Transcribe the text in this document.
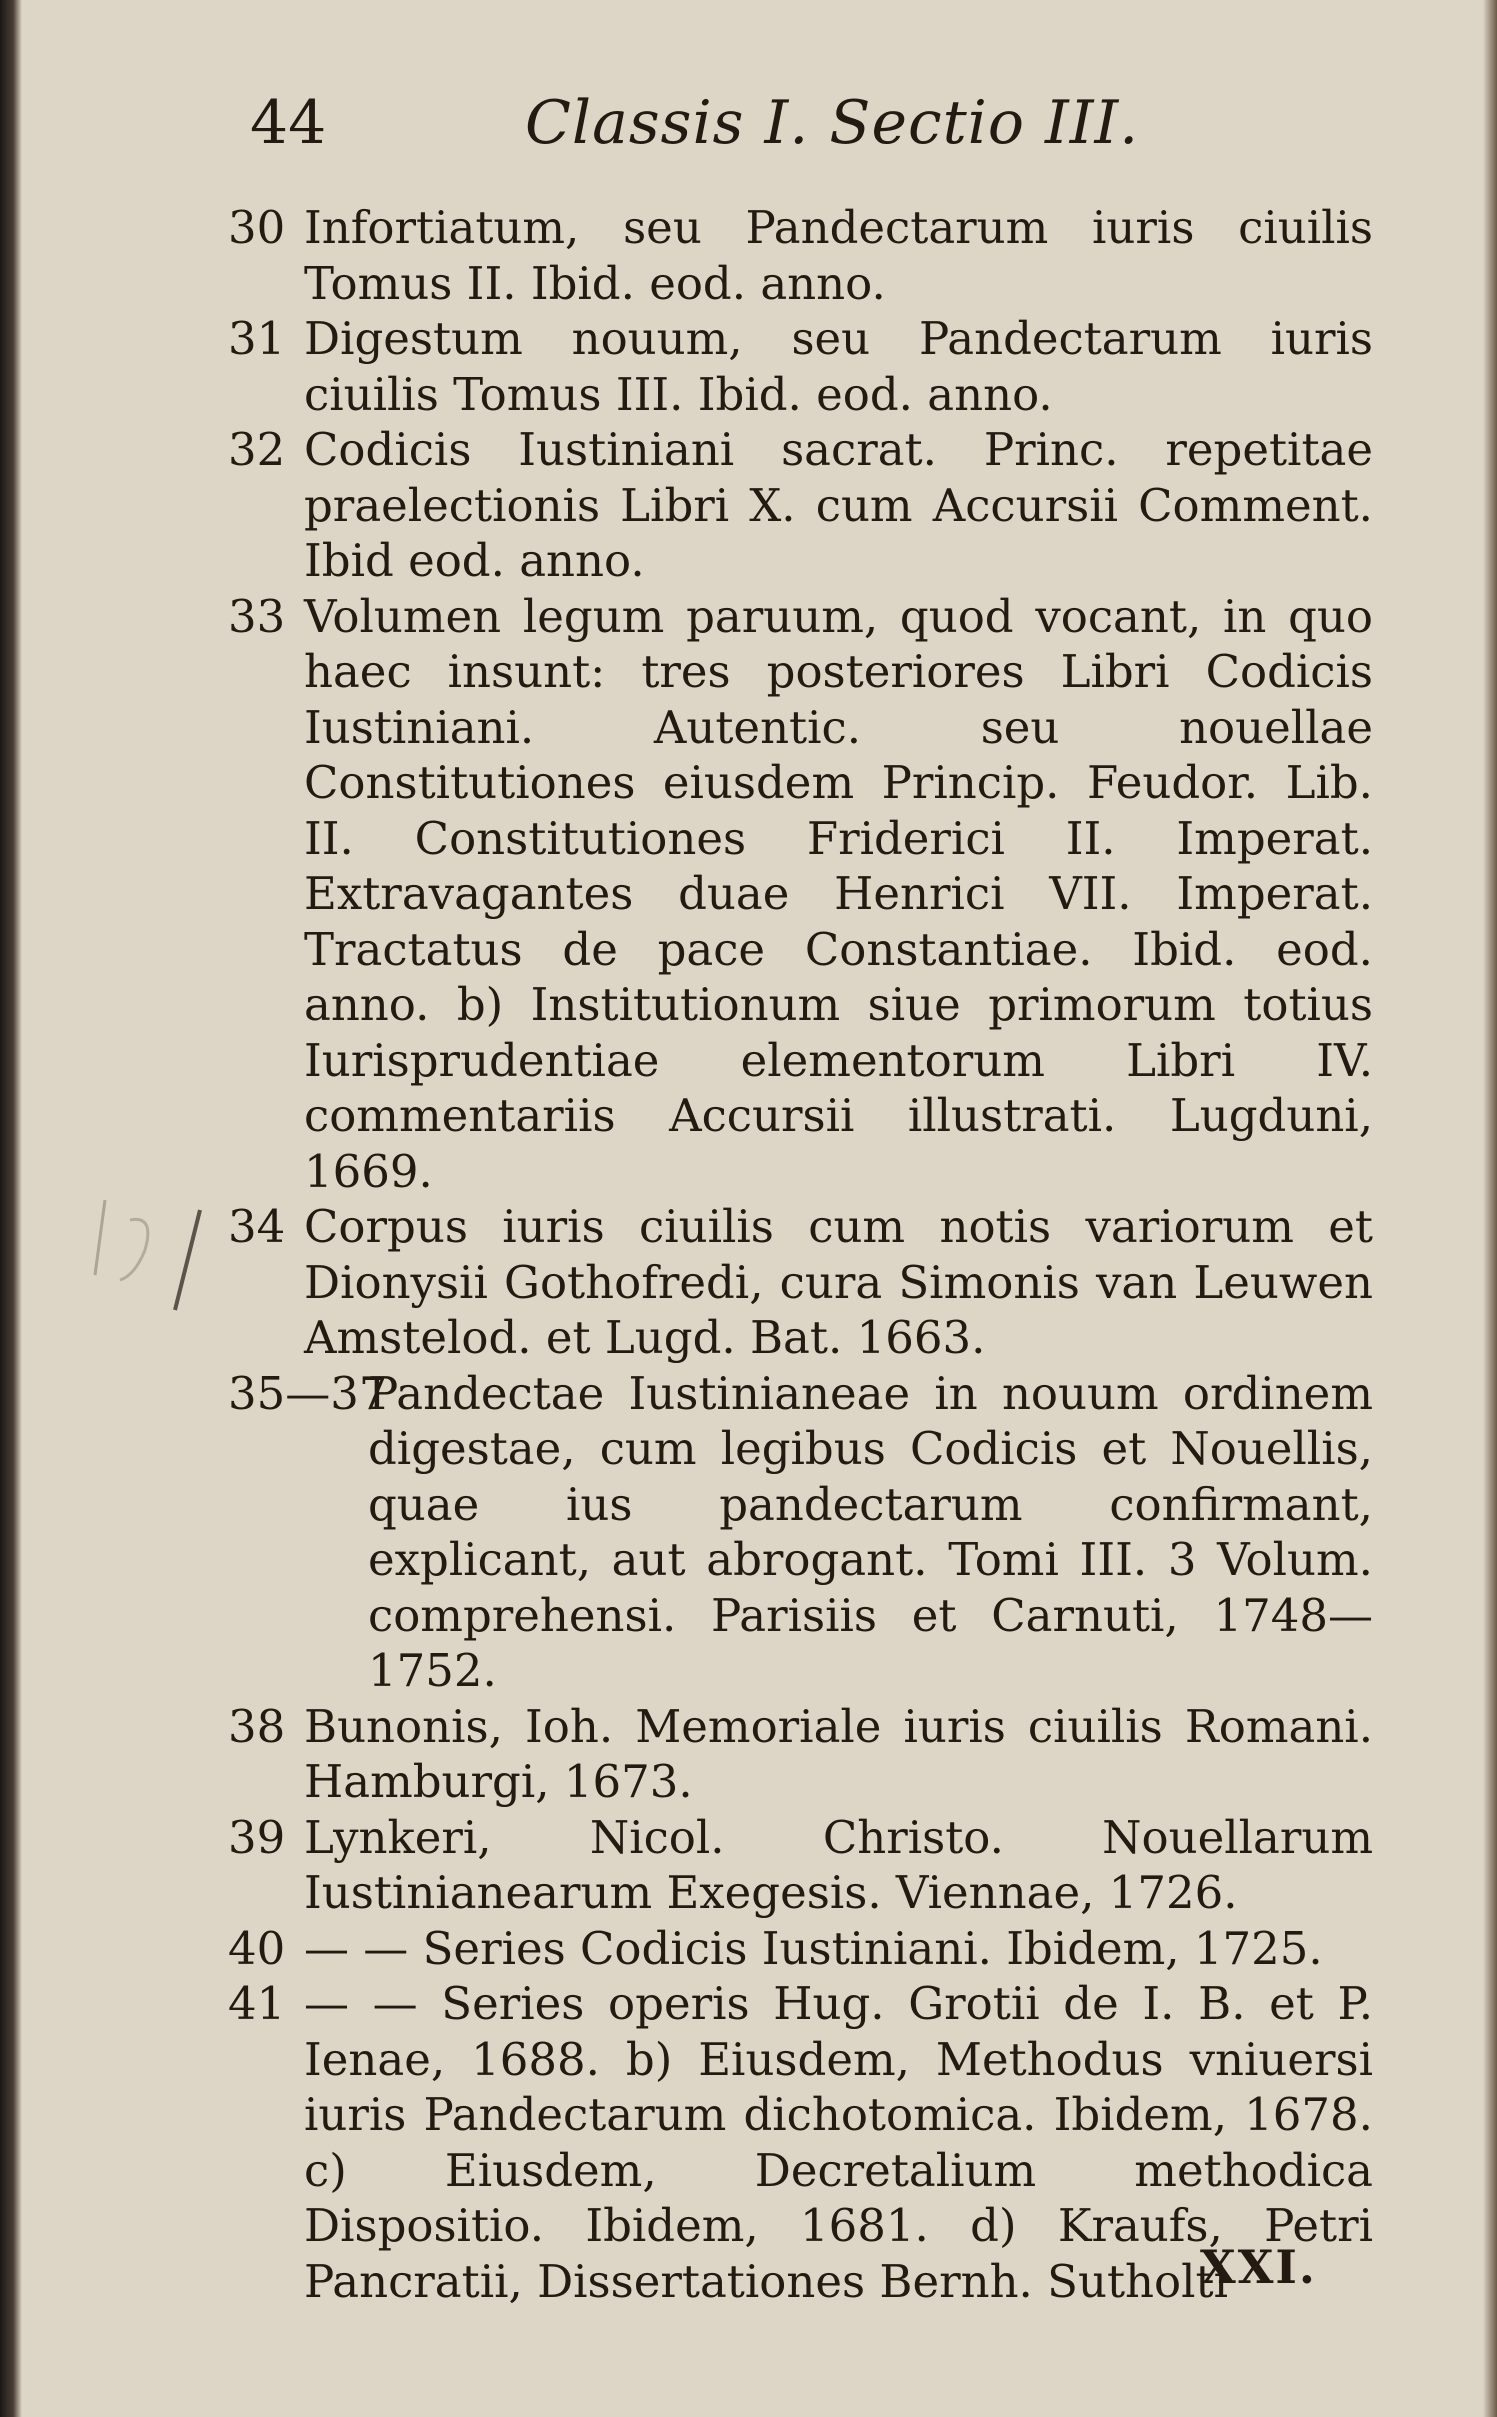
44	Classis I. Sectio III.
30 Infortiatum, seu Pandectarum iuris ciuilis Tomus II. Ibid. eod. anno.
31 Digestum nouum, seu Pandectarum iuris ciuilis Tomus III. Ibid. eod. anno.
32 Codicis Iustiniani sacrat. Princ. repetitae praelectionis Libri X. cum Accursii Comment. Ibid eod. anno.
33 Volumen legum paruum, quod vocant, in quo haec insunt: tres posteriores Libri Codicis Iustiniani. Autentic. seu nouellae Constitutiones eiusdem Princip. Feudor. Lib. II. Constitutiones Friderici II. Imperat. Extravagantes duae Henrici VII. Imperat. Tractatus de pace Constantiae. Ibid. eod. anno. b) Institutionum siue primorum totius Iurisprudentiae elementorum Libri IV. commentariis Accursii illustrati. Lugduni, 1669.
34 Corpus iuris ciuilis cum notis variorum et Dionysii Gothofredi, cura Simonis van Leuwen Amstelod. et Lugd. Bat. 1663.
35—37
Pandectae Iustinianeae in nouum ordinem digestae, cum legibus Codicis et Nouellis, quae ius pandectarum confirmant, explicant, aut abrogant. Tomi III. 3 Volum. comprehensi. Parisiis et Carnuti, 1748—1752.
38 Bunonis, Ioh. Memoriale iuris ciuilis Romani. Hamburgi, 1673.
39 Lynkeri, Nicol. Christo. Nouellarum Iustinianearum Exegesis. Viennae, 1726.
40 — — Series Codicis Iustiniani. Ibidem, 1725.
41 — — Series operis Hug. Grotii de I. B. et P. Ienae, 1688. b) Eiusdem, Methodus vniuersi iuris Pandectarum dichotomica. Ibidem, 1678. c) Eiusdem, Decretalium methodica Dispositio. Ibidem, 1681. d) Kraufs, Petri Pancratii, Dissertationes Bernh. Sutholti
XXI.
